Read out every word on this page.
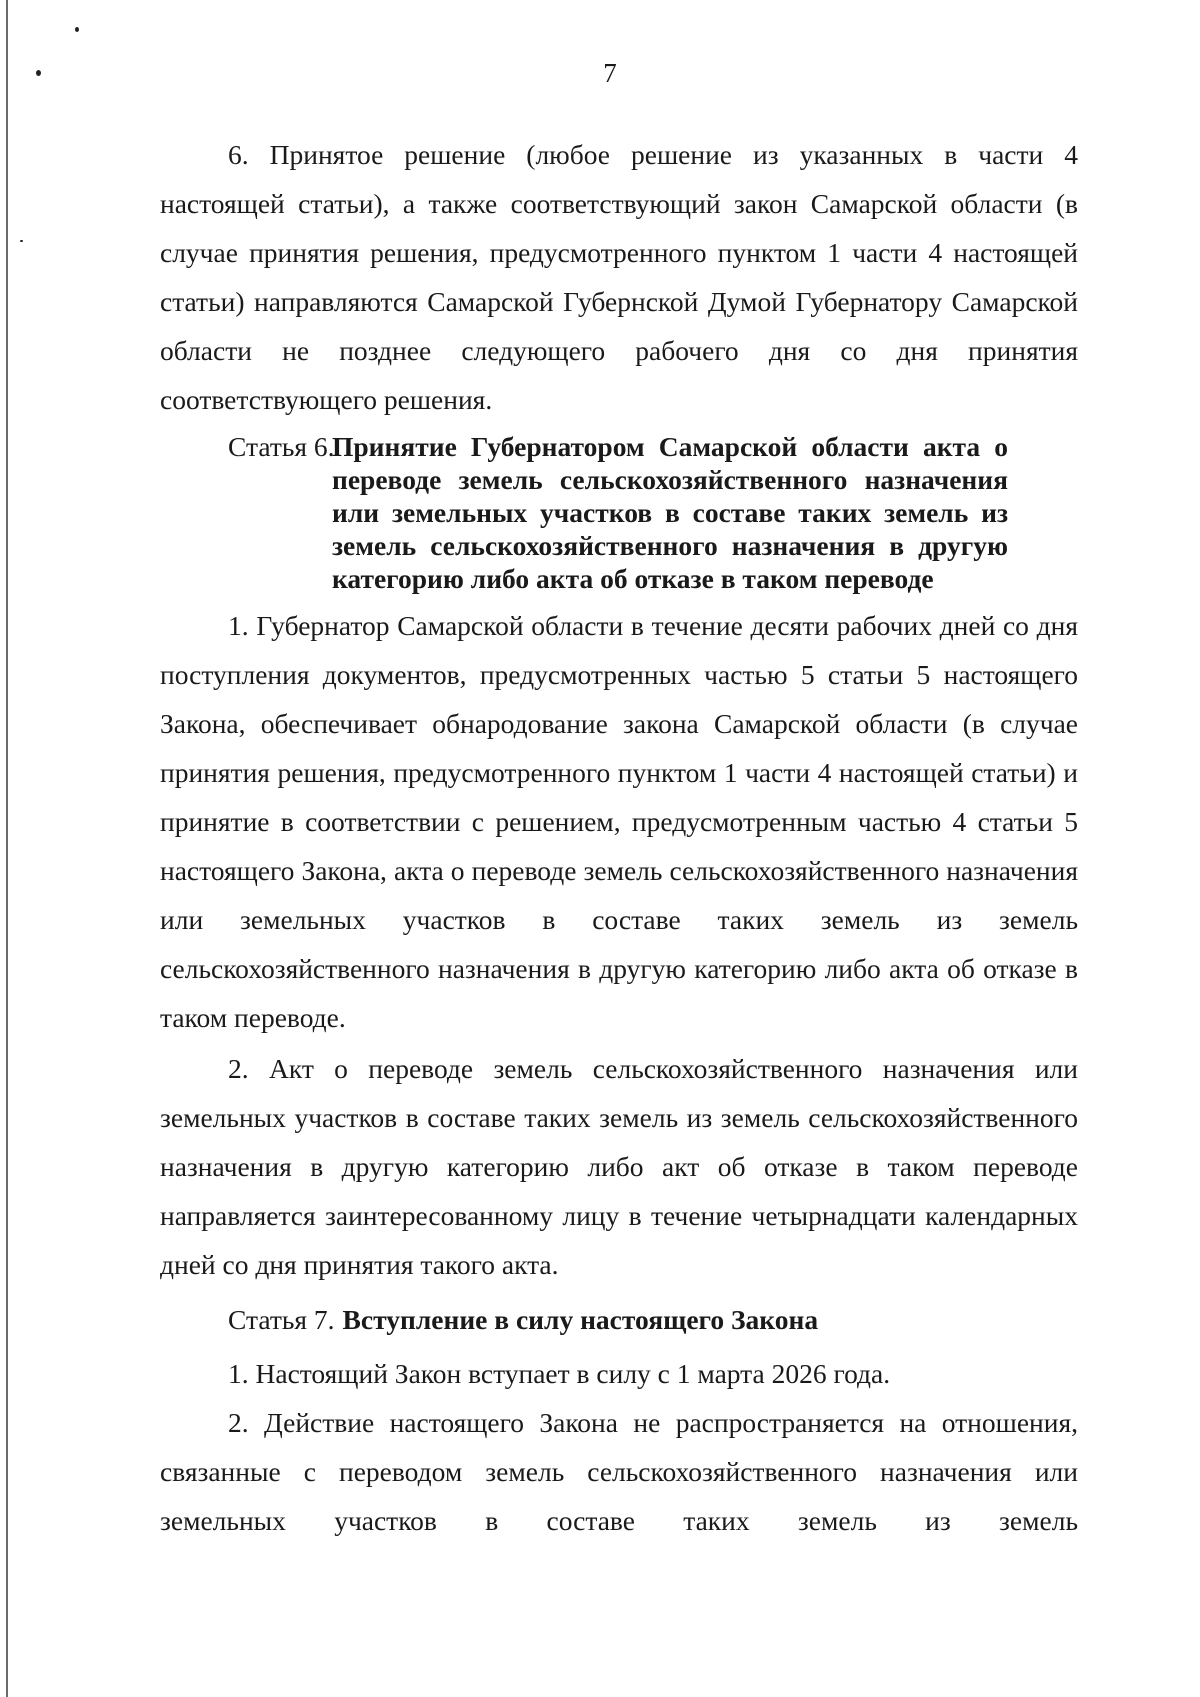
7

6. Принятое решение (любое решение из указанных в части 4 настоящей статьи), а также соответствующий закон Самарской области (в случае принятия решения, предусмотренного пунктом 1 части 4 настоящей статьи) направляются Самарской Губернской Думой Губернатору Самарской области не позднее следующего рабочего дня со дня принятия соответствующего решения.

Статья 6.
Принятие Губернатором Самарской области акта о переводе земель сельскохозяйственного назначения или земельных участков в составе таких земель из земель сельскохозяйственного назначения в другую категорию либо акта об отказе в таком переводе

1. Губернатор Самарской области в течение десяти рабочих дней со дня поступления документов, предусмотренных частью 5 статьи 5 настоящего Закона, обеспечивает обнародование закона Самарской области (в случае принятия решения, предусмотренного пунктом 1 части 4 настоящей статьи) и принятие в соответствии с решением, предусмотренным частью 4 статьи 5 настоящего Закона, акта о переводе земель сельскохозяйственного назначения или земельных участков в составе таких земель из земель сельскохозяйственного назначения в другую категорию либо акта об отказе в таком переводе.

2. Акт о переводе земель сельскохозяйственного назначения или земельных участков в составе таких земель из земель сельскохозяйственного назначения в другую категорию либо акт об отказе в таком переводе направляется заинтересованному лицу в течение четырнадцати календарных дней со дня принятия такого акта.

Статья 7. Вступление в силу настоящего Закона

1. Настоящий Закон вступает в силу с 1 марта 2026 года.

2. Действие настоящего Закона не распространяется на отношения, связанные с переводом земель сельскохозяйственного назначения или земельных участков в составе таких земель из земель
